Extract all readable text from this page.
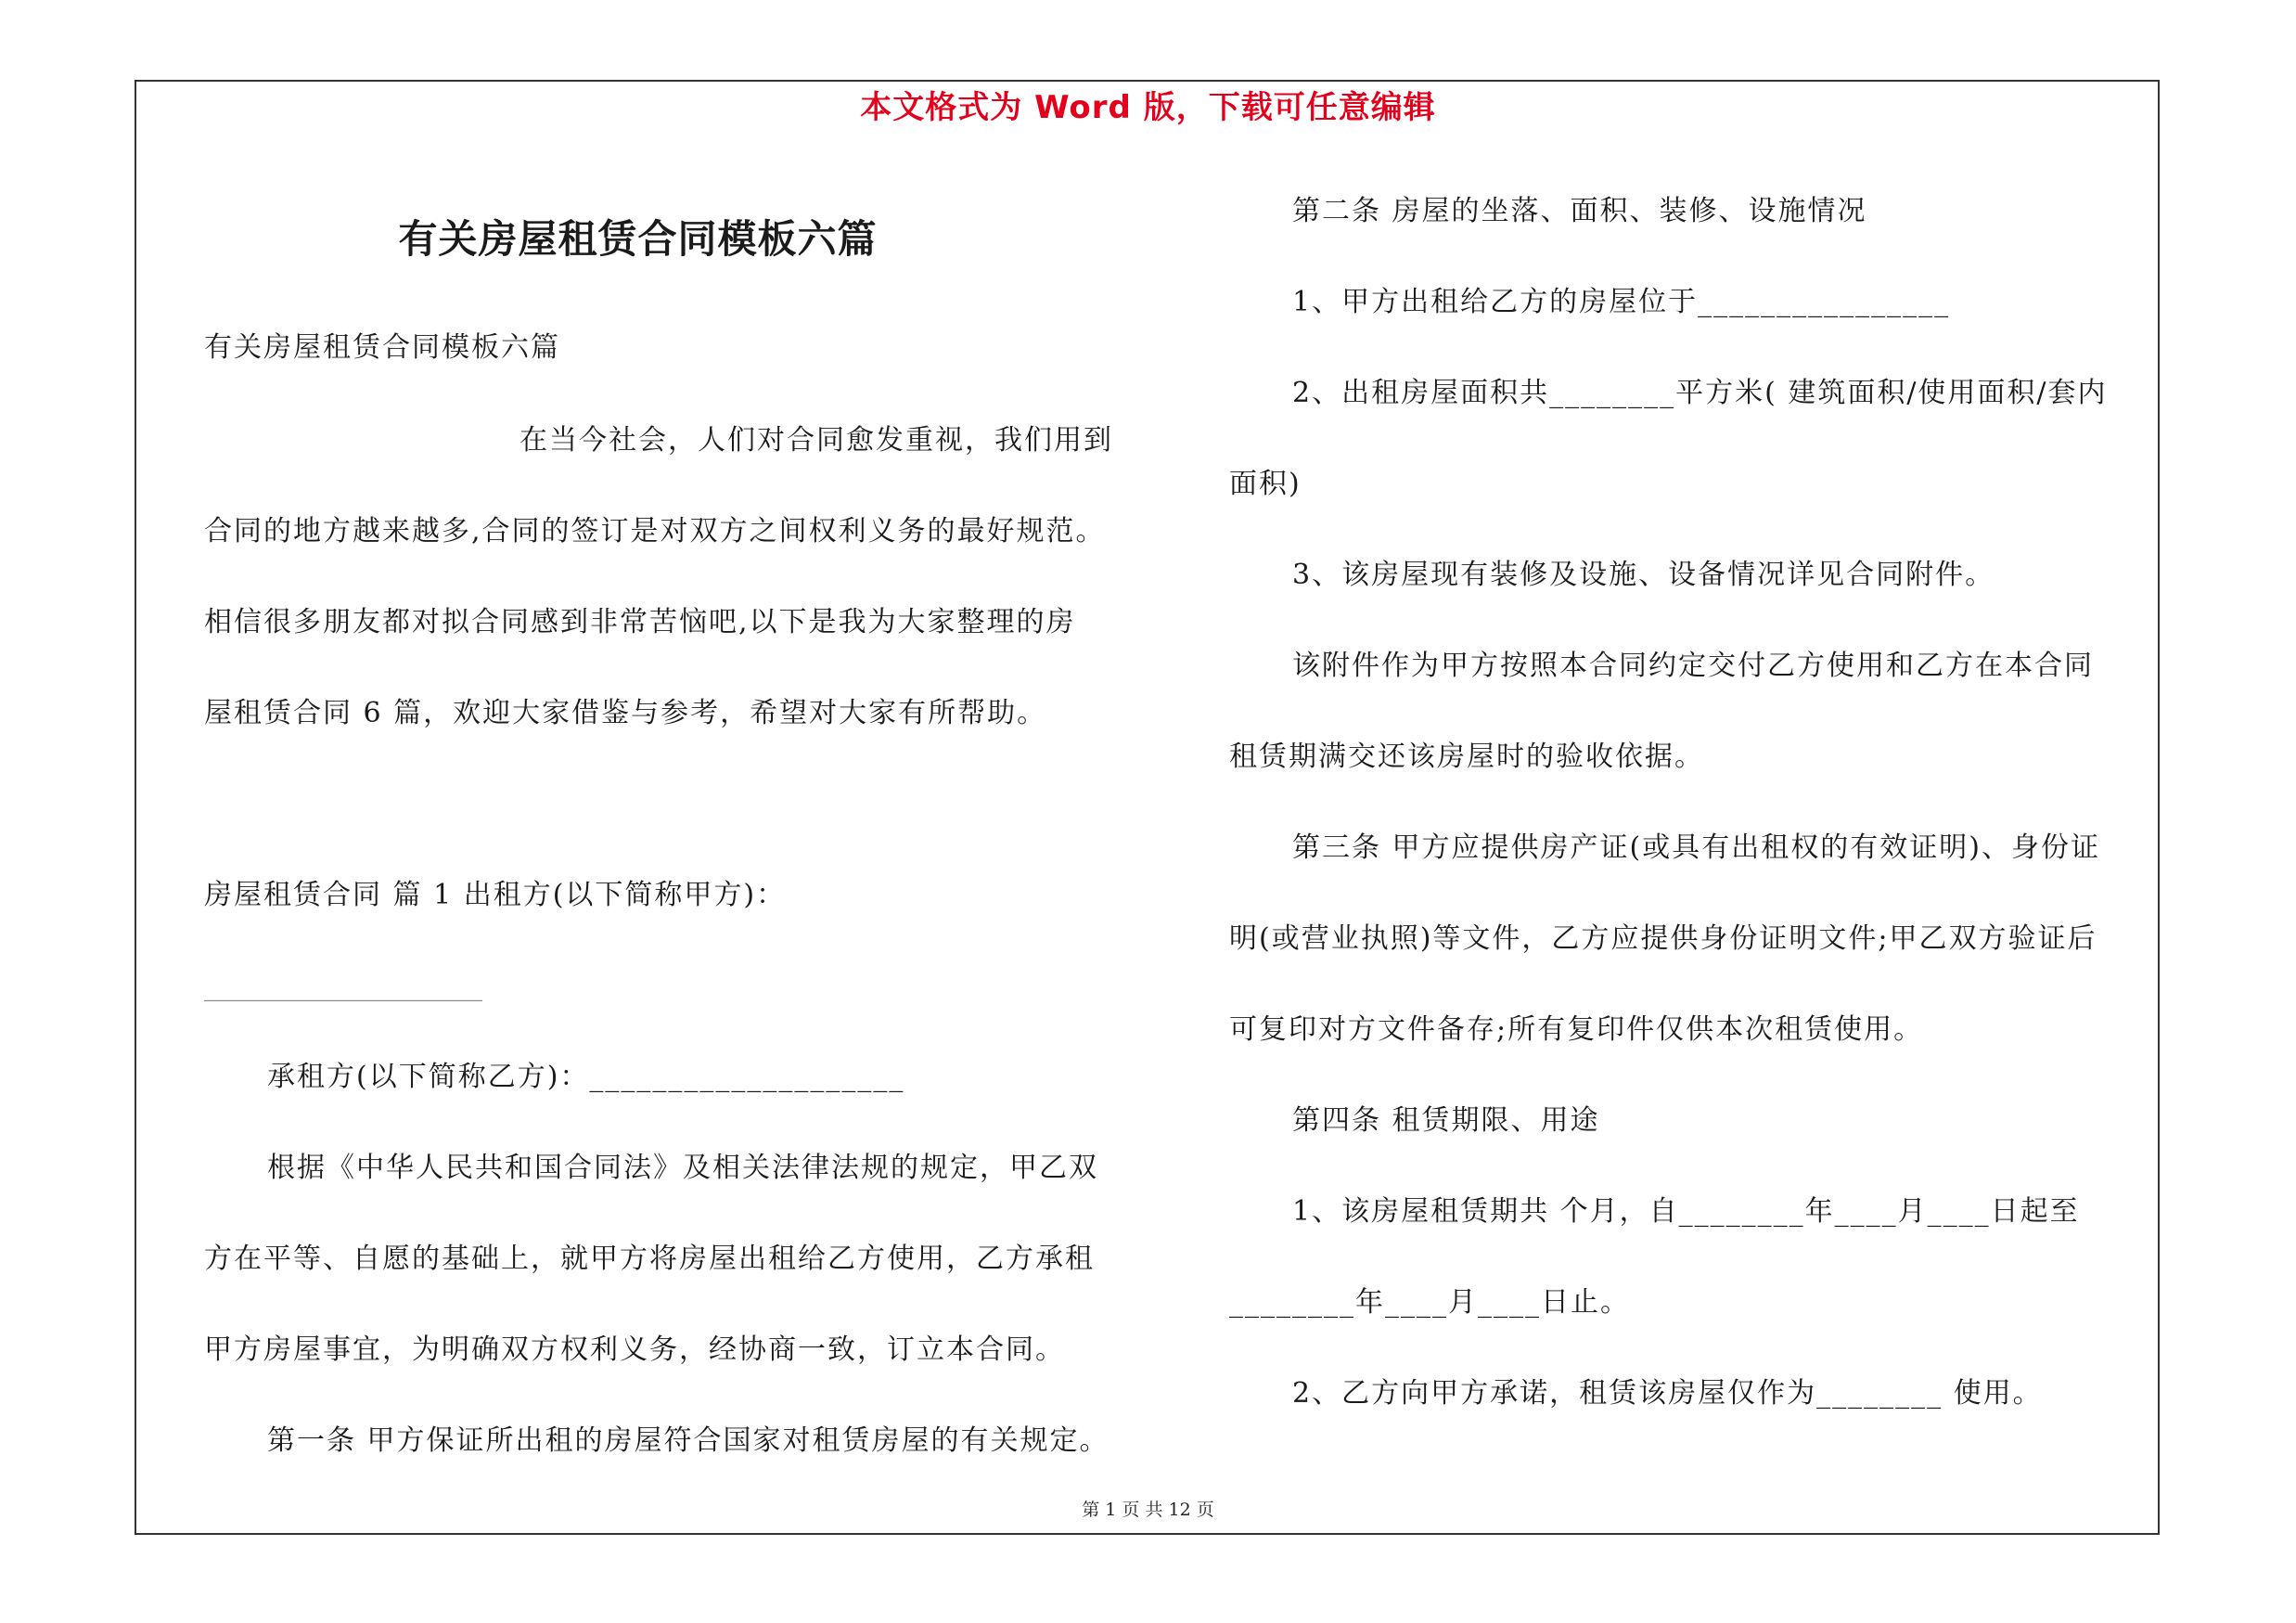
本文格式为 Word 版，下载可任意编辑
有关房屋租赁合同模板六篇
有关房屋租赁合同模板六篇
在当今社会，人们对合同愈发重视，我们用到
合同的地方越来越多,合同的签订是对双方之间权利义务的最好规范。
相信很多朋友都对拟合同感到非常苦恼吧,以下是我为大家整理的房
屋租赁合同 6 篇，欢迎大家借鉴与参考，希望对大家有所帮助。
房屋租赁合同 篇 1 出租方(以下简称甲方)：
____________________
承租方(以下简称乙方)：____________________
根据《中华人民共和国合同法》及相关法律法规的规定，甲乙双
方在平等、自愿的基础上，就甲方将房屋出租给乙方使用，乙方承租
甲方房屋事宜，为明确双方权利义务，经协商一致，订立本合同。
第一条 甲方保证所出租的房屋符合国家对租赁房屋的有关规定。
第二条 房屋的坐落、面积、装修、设施情况
1、甲方出租给乙方的房屋位于________________
2、出租房屋面积共________平方米( 建筑面积/使用面积/套内
面积)
3、该房屋现有装修及设施、设备情况详见合同附件。
该附件作为甲方按照本合同约定交付乙方使用和乙方在本合同
租赁期满交还该房屋时的验收依据。
第三条 甲方应提供房产证(或具有出租权的有效证明)、身份证
明(或营业执照)等文件，乙方应提供身份证明文件;甲乙双方验证后
可复印对方文件备存;所有复印件仅供本次租赁使用。
第四条 租赁期限、用途
1、该房屋租赁期共 个月，自________年____月____日起至
________年____月____日止。
2、乙方向甲方承诺，租赁该房屋仅作为________ 使用。
第 1 页 共 12 页
